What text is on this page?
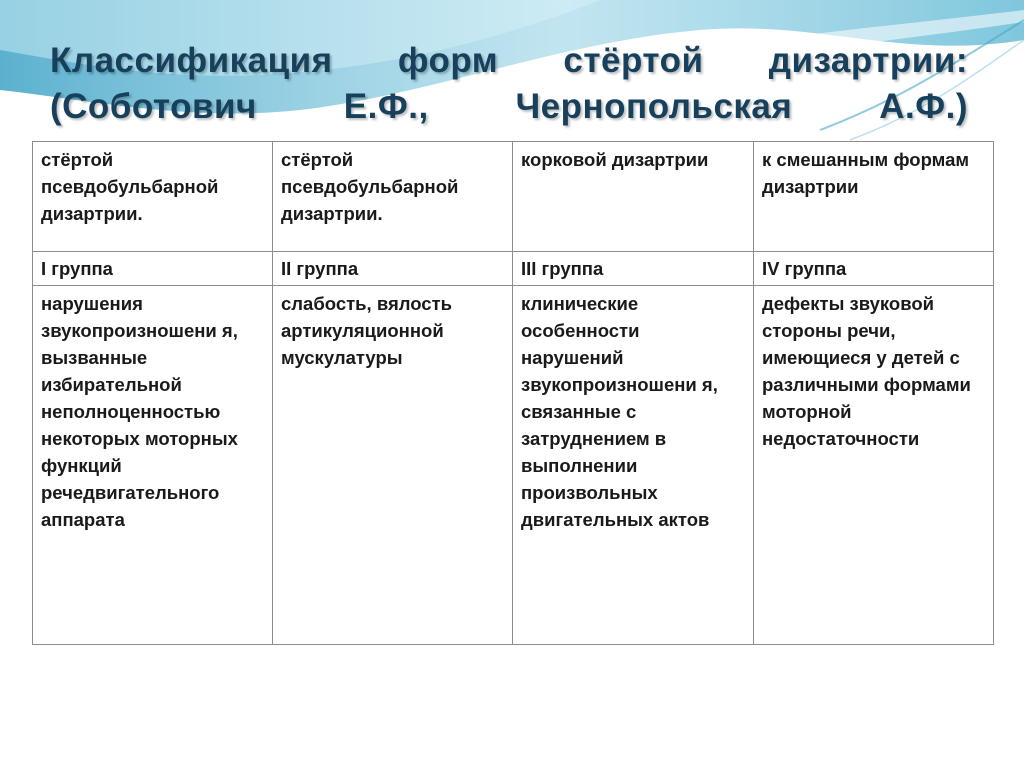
Классификация форм стёртой дизартрии:
(Соботович Е.Ф., Чернопольская А.Ф.)
стёртой псевдобульбарной дизартрии.	стёртой псевдобульбарной дизартрии.	корковой дизартрии	к смешанным формам дизартрии

I группа	II группа	III группа	IV группа

нарушения звукопроизношени я, вызванные избирательной неполноценностью некоторых моторных функций речедвигательного аппарата	слабость, вялость артикуляционной мускулатуры	клинические особенности нарушений звукопроизношени я, связанные с затруднением в выполнении произвольных двигательных актов	дефекты звуковой стороны речи, имеющиеся у детей с различными формами моторной недостаточности
